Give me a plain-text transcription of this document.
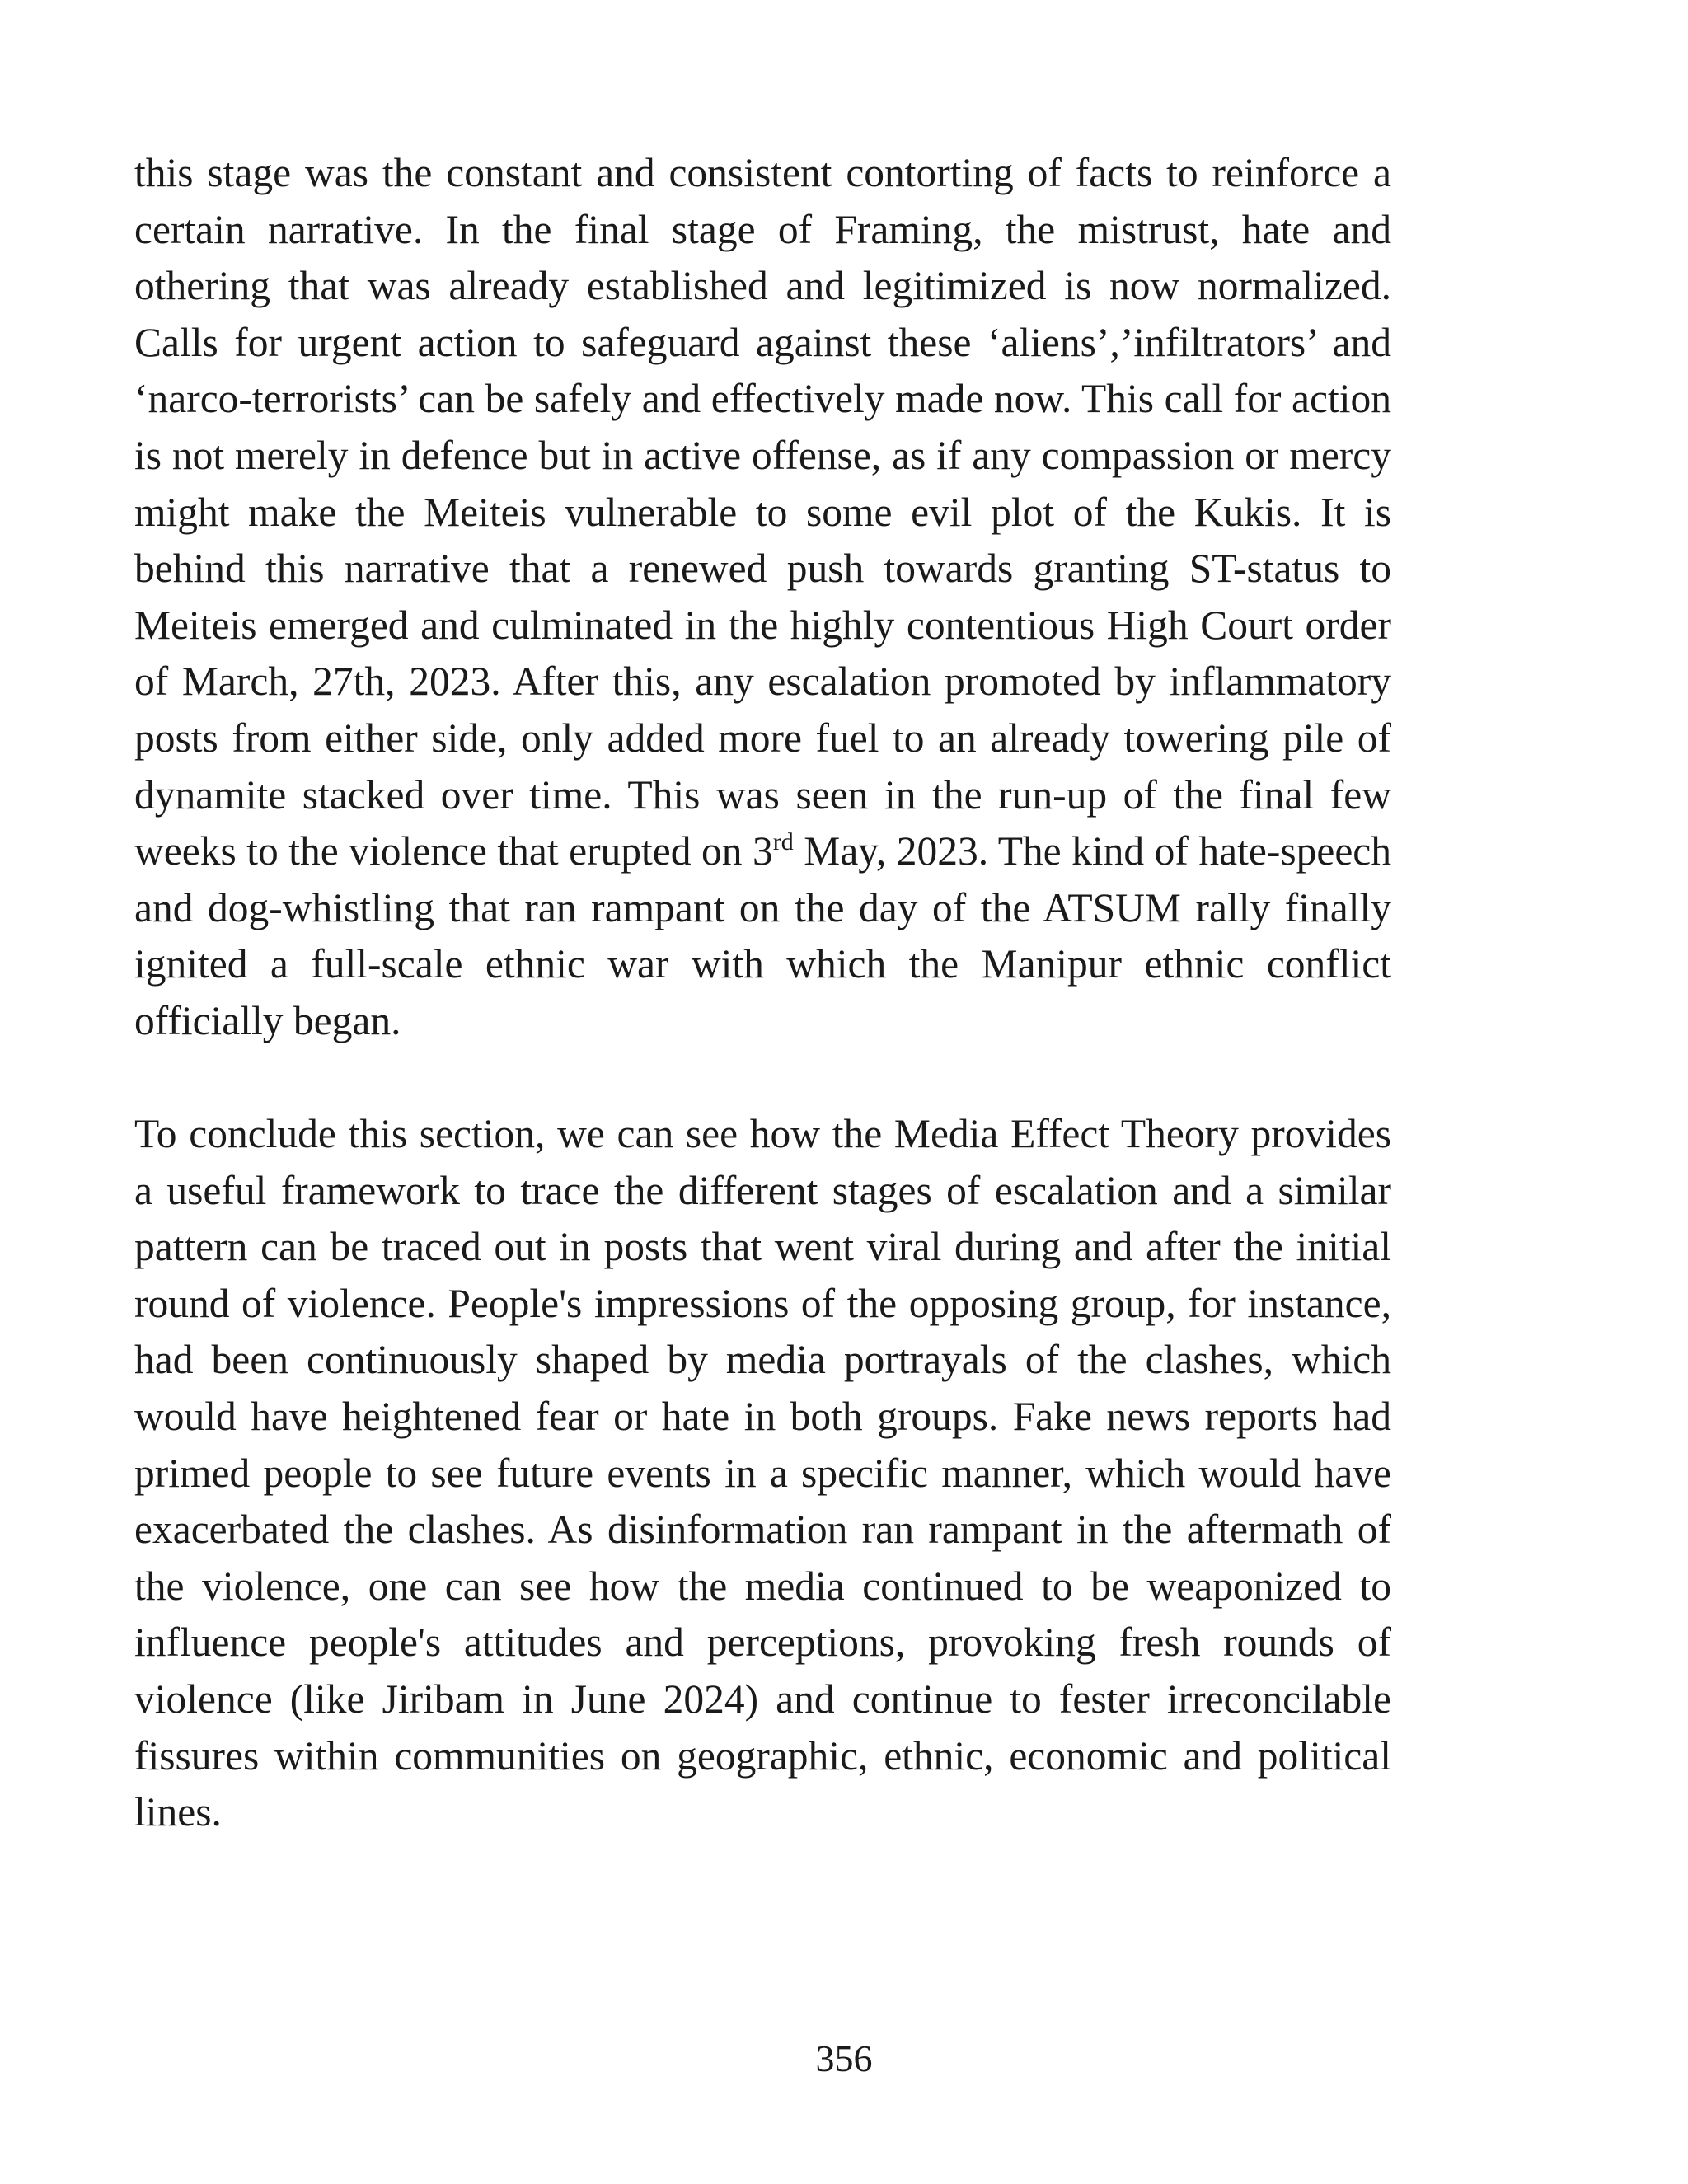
this stage was the constant and consistent contorting of facts to reinforce a certain narrative. In the final stage of Framing, the mistrust, hate and othering that was already established and legitimized is now normalized. Calls for urgent action to safeguard against these ‘aliens’,’infiltrators’ and ‘narco-terrorists’ can be safely and effectively made now. This call for action is not merely in defence but in active offense, as if any compassion or mercy might make the Meiteis vulnerable to some evil plot of the Kukis. It is behind this narrative that a renewed push towards granting ST-status to Meiteis emerged and culminated in the highly contentious High Court order of March, 27th, 2023. After this, any escalation promoted by inflammatory posts from either side, only added more fuel to an already towering pile of dynamite stacked over time. This was seen in the run-up of the final few weeks to the violence that erupted on 3rd May, 2023. The kind of hate-speech and dog-whistling that ran rampant on the day of the ATSUM rally finally ignited a full-scale ethnic war with which the Manipur ethnic conflict officially began.

To conclude this section, we can see how the Media Effect Theory provides a useful framework to trace the different stages of escalation and a similar pattern can be traced out in posts that went viral during and after the initial round of violence. People's impressions of the opposing group, for instance, had been continuously shaped by media portrayals of the clashes, which would have heightened fear or hate in both groups. Fake news reports had primed people to see future events in a specific manner, which would have exacerbated the clashes. As disinformation ran rampant in the aftermath of the violence, one can see how the media continued to be weaponized to influence people's attitudes and perceptions, provoking fresh rounds of violence (like Jiribam in June 2024) and continue to fester irreconcilable fissures within communities on geographic, ethnic, economic and political lines.

356
